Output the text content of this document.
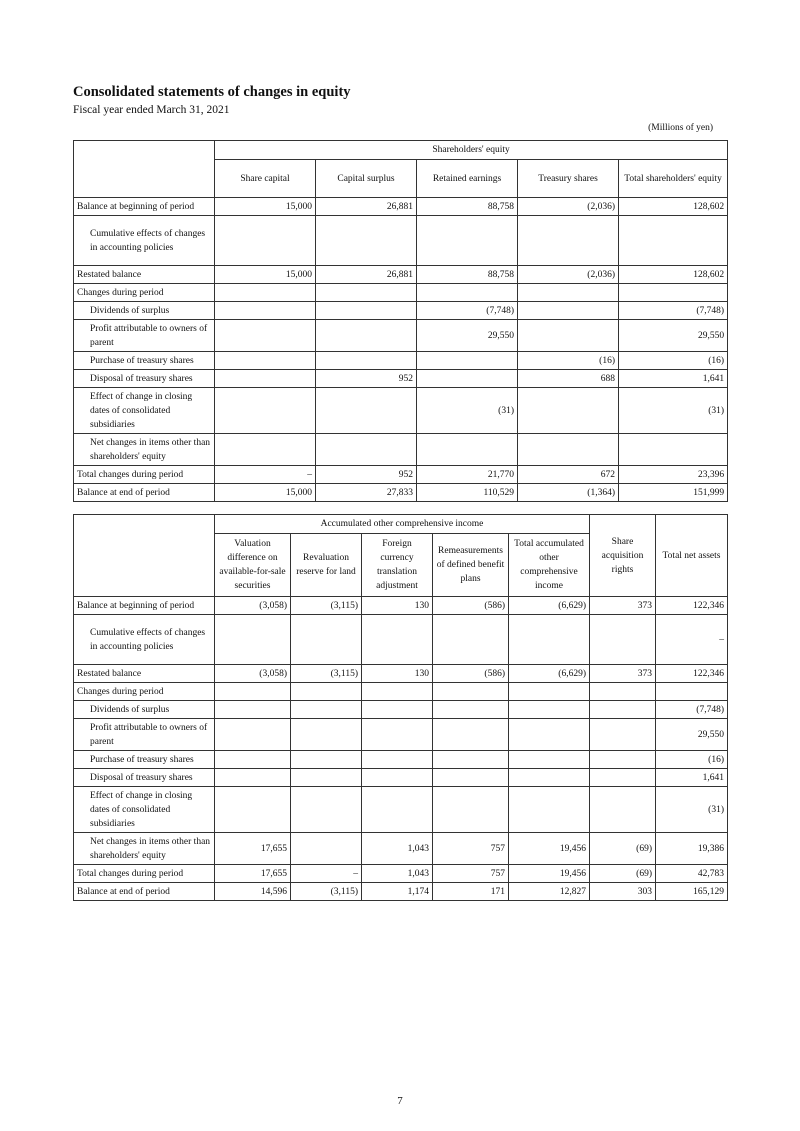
Consolidated statements of changes in equity
Fiscal year ended March 31, 2021
(Millions of yen)
	Shareholders' equity				
	Share capital	Capital surplus	Retained earnings	Treasury shares	Total shareholders' equity
Balance at beginning of period	15,000	26,881	88,758	(2,036)	128,602
Cumulative effects of changes in accounting policies					
Restated balance	15,000	26,881	88,758	(2,036)	128,602
Changes during period					
Dividends of surplus			(7,748)		(7,748)
Profit attributable to owners of parent			29,550		29,550
Purchase of treasury shares				(16)	(16)
Disposal of treasury shares		952		688	1,641
Effect of change in closing dates of consolidated subsidiaries			(31)		(31)
Net changes in items other than shareholders' equity					
Total changes during period	–	952	21,770	672	23,396
Balance at end of period	15,000	27,833	110,529	(1,364)	151,999
	Accumulated other comprehensive income					Share acquisition rights	Total net assets
	Valuation difference on available-for-sale securities	Revaluation reserve for land	Foreign currency translation adjustment	Remeasurements of defined benefit plans	Total accumulated other comprehensive income		
Balance at beginning of period	(3,058)	(3,115)	130	(586)	(6,629)	373	122,346
Cumulative effects of changes in accounting policies							–
Restated balance	(3,058)	(3,115)	130	(586)	(6,629)	373	122,346
Changes during period							
Dividends of surplus							(7,748)
Profit attributable to owners of parent							29,550
Purchase of treasury shares							(16)
Disposal of treasury shares							1,641
Effect of change in closing dates of consolidated subsidiaries							(31)
Net changes in items other than shareholders' equity	17,655		1,043	757	19,456	(69)	19,386
Total changes during period	17,655	–	1,043	757	19,456	(69)	42,783
Balance at end of period	14,596	(3,115)	1,174	171	12,827	303	165,129
7
